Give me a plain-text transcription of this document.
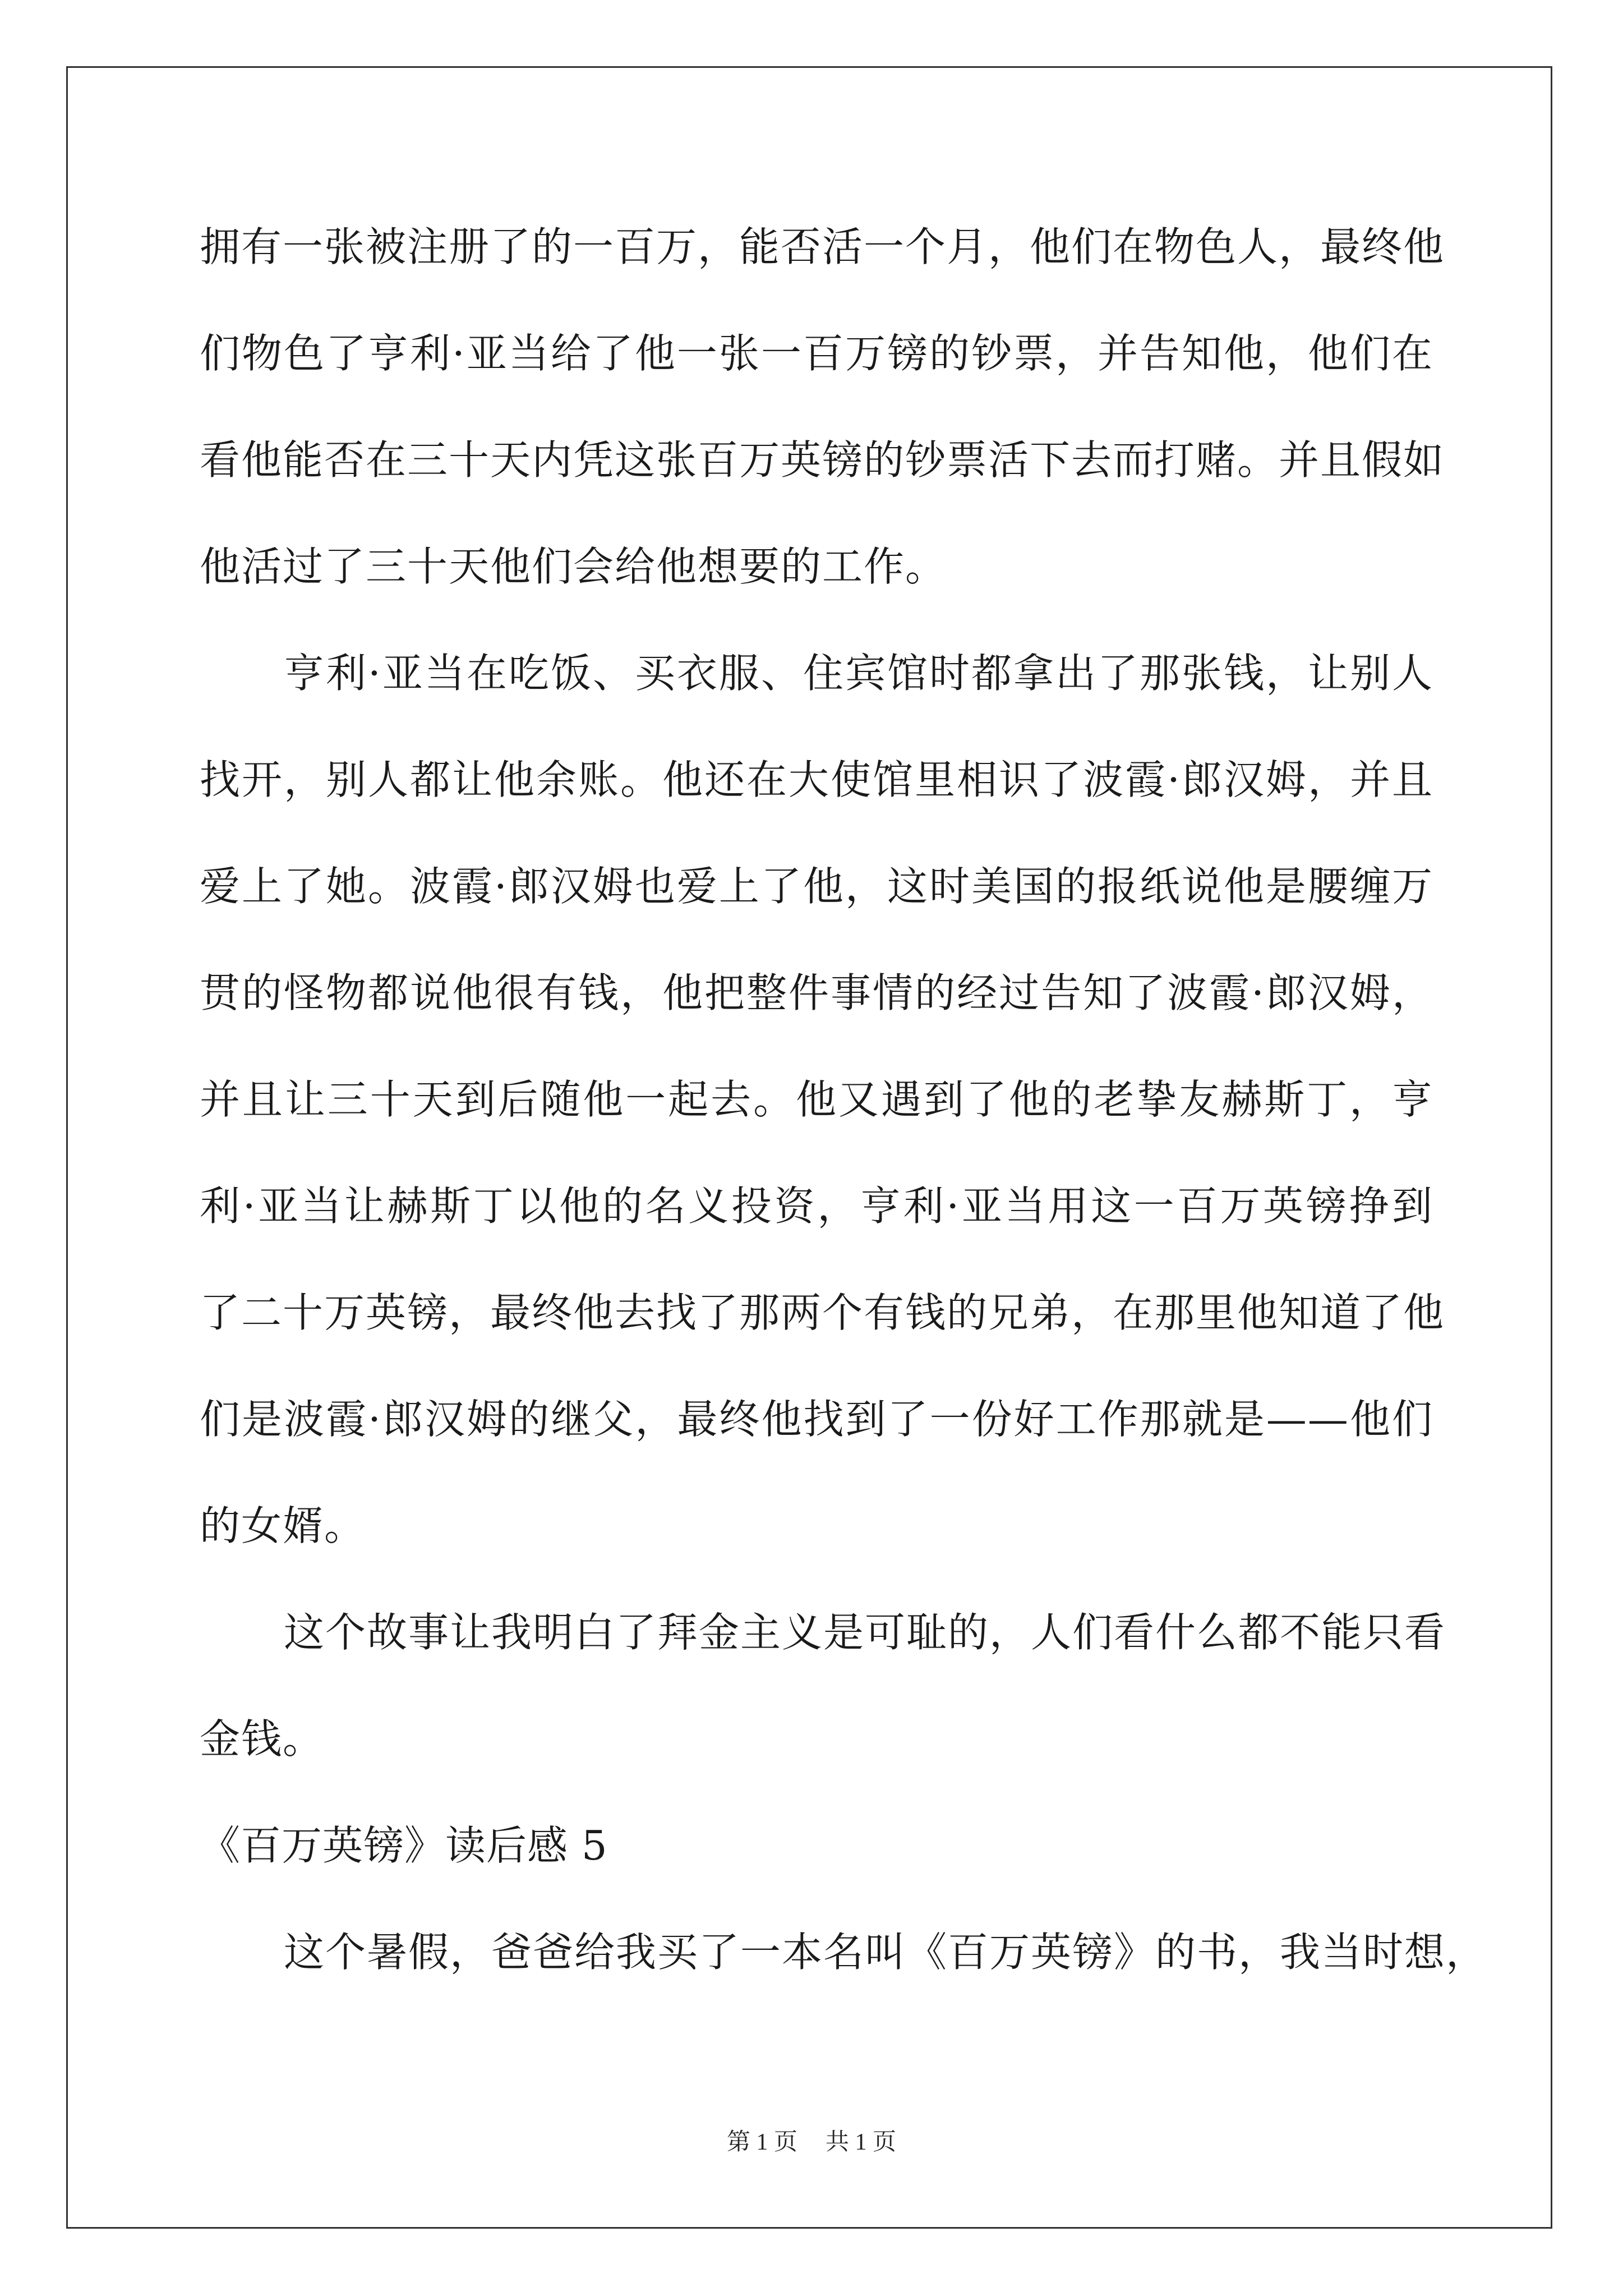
拥有一张被注册了的一百万，能否活一个月，他们在物色人，最终他
们物色了亨利·亚当给了他一张一百万镑的钞票，并告知他，他们在
看他能否在三十天内凭这张百万英镑的钞票活下去而打赌。并且假如
他活过了三十天他们会给他想要的工作。
亨利·亚当在吃饭、买衣服、住宾馆时都拿出了那张钱，让别人
找开，别人都让他余账。他还在大使馆里相识了波霞·郎汉姆，并且
爱上了她。波霞·郎汉姆也爱上了他，这时美国的报纸说他是腰缠万
贯的怪物都说他很有钱，他把整件事情的经过告知了波霞·郎汉姆，
并且让三十天到后随他一起去。他又遇到了他的老挚友赫斯丁，亨
利·亚当让赫斯丁以他的名义投资，亨利·亚当用这一百万英镑挣到
了二十万英镑，最终他去找了那两个有钱的兄弟，在那里他知道了他
们是波霞·郎汉姆的继父，最终他找到了一份好工作那就是——他们
的女婿。
这个故事让我明白了拜金主义是可耻的，人们看什么都不能只看
金钱。
《百万英镑》读后感 5
这个暑假，爸爸给我买了一本名叫《百万英镑》的书，我当时想，
第 1 页 共 1 页
